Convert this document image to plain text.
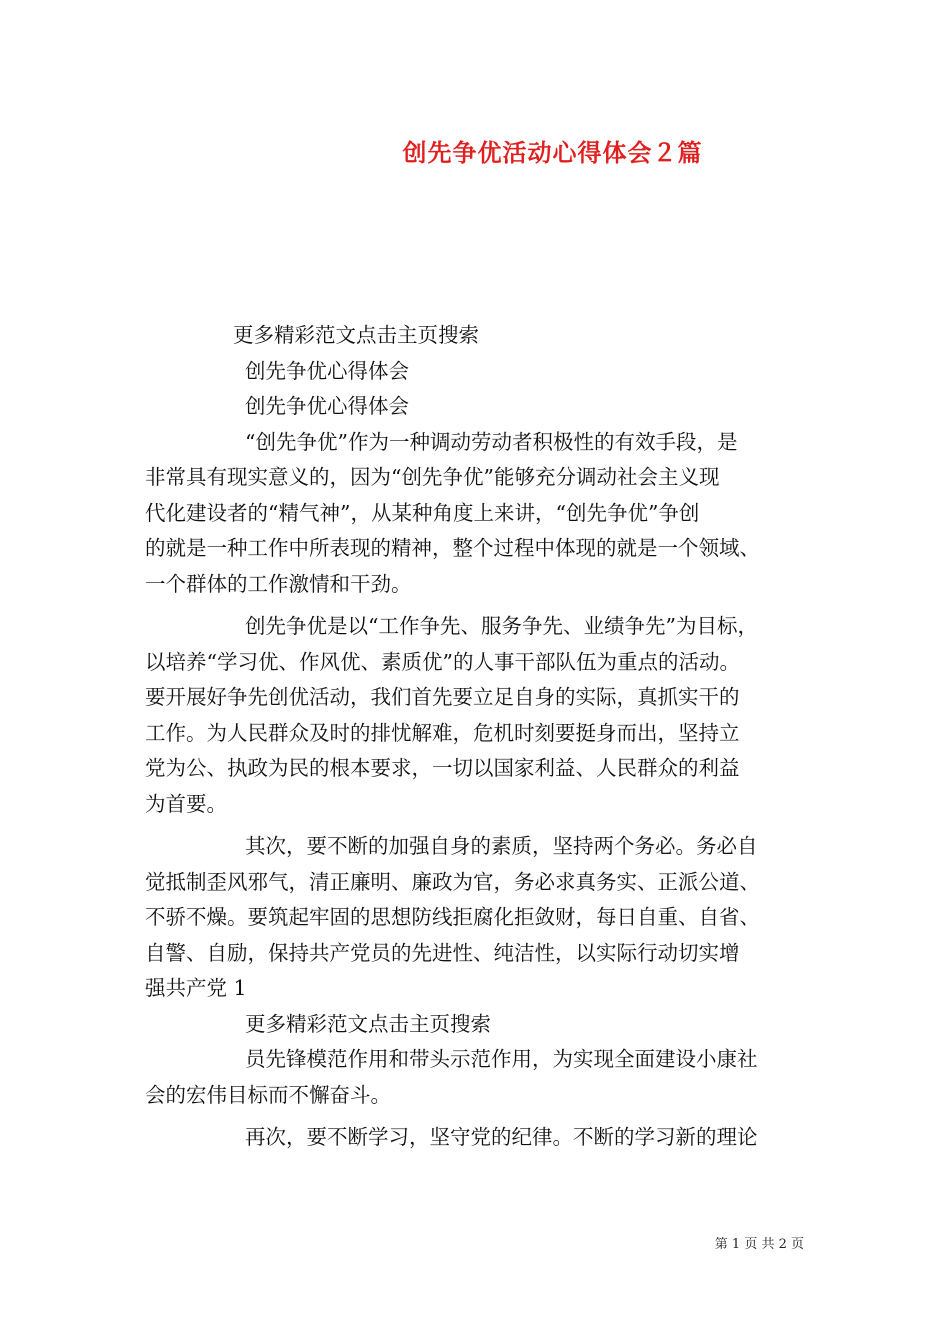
创先争优活动心得体会２篇
更多精彩范文点击主页搜索
创先争优心得体会
创先争优心得体会
“创先争优”作为一种调动劳动者积极性的有效手段，是
非常具有现实意义的，因为“创先争优”能够充分调动社会主义现
代化建设者的“精气神”，从某种角度上来讲，“创先争优”争创
的就是一种工作中所表现的精神，整个过程中体现的就是一个领域、
一个群体的工作激情和干劲。
创先争优是以“工作争先、服务争先、业绩争先”为目标，
以培养“学习优、作风优、素质优”的人事干部队伍为重点的活动。
要开展好争先创优活动，我们首先要立足自身的实际，真抓实干的
工作。为人民群众及时的排忧解难，危机时刻要挺身而出，坚持立
党为公、执政为民的根本要求，一切以国家利益、人民群众的利益
为首要。
其次，要不断的加强自身的素质，坚持两个务必。务必自
觉抵制歪风邪气，清正廉明、廉政为官，务必求真务实、正派公道、
不骄不燥。要筑起牢固的思想防线拒腐化拒敛财，每日自重、自省、
自警、自励，保持共产党员的先进性、纯洁性，以实际行动切实增
强共产党 1
更多精彩范文点击主页搜索
员先锋模范作用和带头示范作用，为实现全面建设小康社
会的宏伟目标而不懈奋斗。
再次，要不断学习，坚守党的纪律。不断的学习新的理论
第 1 页 共 2 页
